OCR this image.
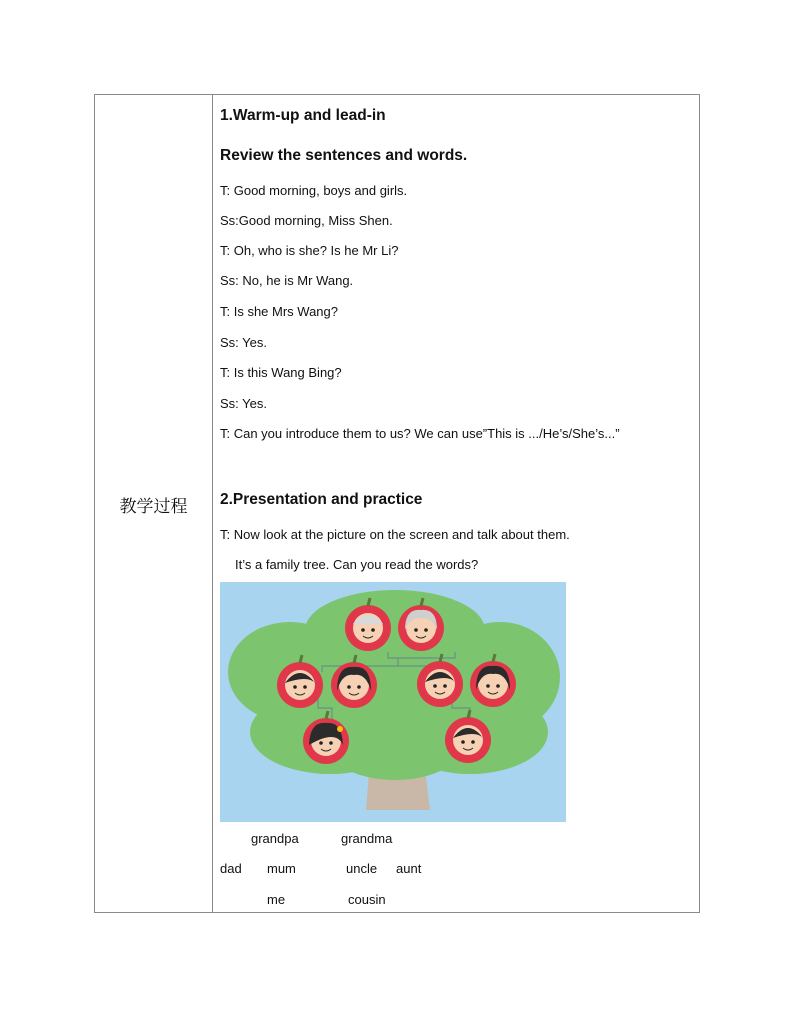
教学过程
1.Warm-up and lead-in
Review the sentences and words.
T: Good morning, boys and girls.
Ss:Good morning, Miss Shen.
T: Oh, who is she? Is he Mr Li?
Ss: No, he is Mr Wang.
T: Is she Mrs Wang?
Ss: Yes.
T: Is this Wang Bing?
Ss: Yes.
T: Can you introduce them to us? We can use”This is .../He’s/She’s...”
2.Presentation and practice
T: Now look at the picture on the screen and talk about them.
It’s a family tree. Can you read the words?
grandpa	grandma
dad mum	uncle aunt
me	cousin
